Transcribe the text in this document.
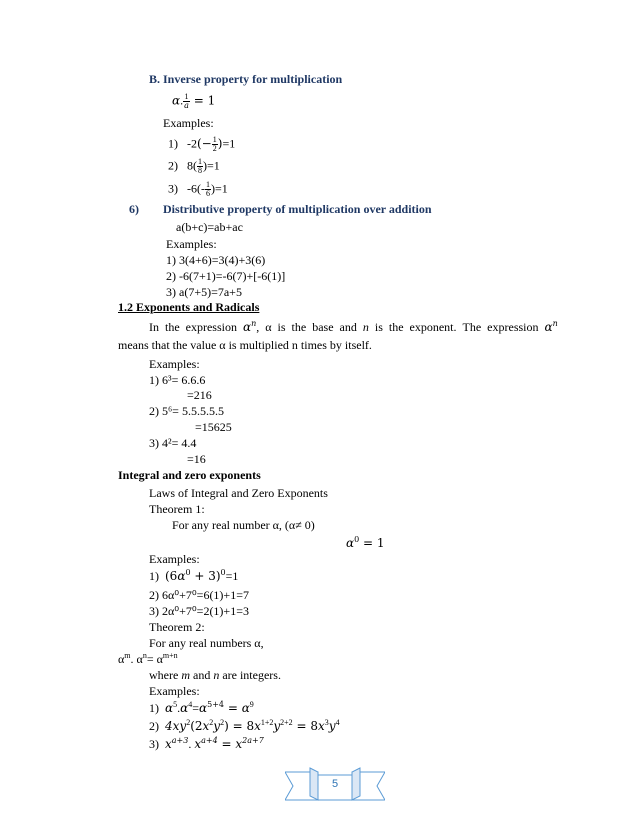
B. Inverse property for multiplication
α. $\frac{1}{a} = 1$
Examples:
1)   $-2(- \frac{1}{2} )=1$
2)   $8( \frac{1}{8} )=1$
3)   $-6(- \frac{1}{6} )=1$
6) Distributive property of multiplication over addition
a(b+c)=ab+ac
Examples:
1) 3(4+6)=3(4)+3(6)
2) -6(7+1)=-6(7)+[-6(1)]
3) a(7+5)=7a+5
1.2 Exponents and Radicals
In  the  expression  $\alpha^n$,  α  is  the  base  and  n  is  the  exponent.  The  expression  $\alpha^n$
means that the value α is multiplied n times by itself.
Examples:
1) 6³= 6.6.6
=216
2) 5⁶= 5.5.5.5.5
=15625
3) 4²= 4.4
=16
Integral and zero exponents
Laws of Integral and Zero Exponents
Theorem 1:
For any real number α, (α≠ 0)
$\alpha^0 = 1$
Examples:
1)  $(6\alpha^0 + 3)^0=1$
2) 6α⁰+7⁰=6(1)+1=7
3) 2α⁰+7⁰=2(1)+1=3
Theorem 2:
For any real numbers α,
$\alpha^m$. $\alpha^n= \alpha^{m+n}$
where m and n are integers.
Examples:
1)  $\alpha^5.\alpha^4=\alpha^{5+4} = \alpha^9$
2)  $4xy^2(2x^2y^2) = 8x^{1+2}y^{2+2} = 8x^3y^4$
3)  $x^{a+3}$. $x^{a+4} = x^{2a+7}$
5
